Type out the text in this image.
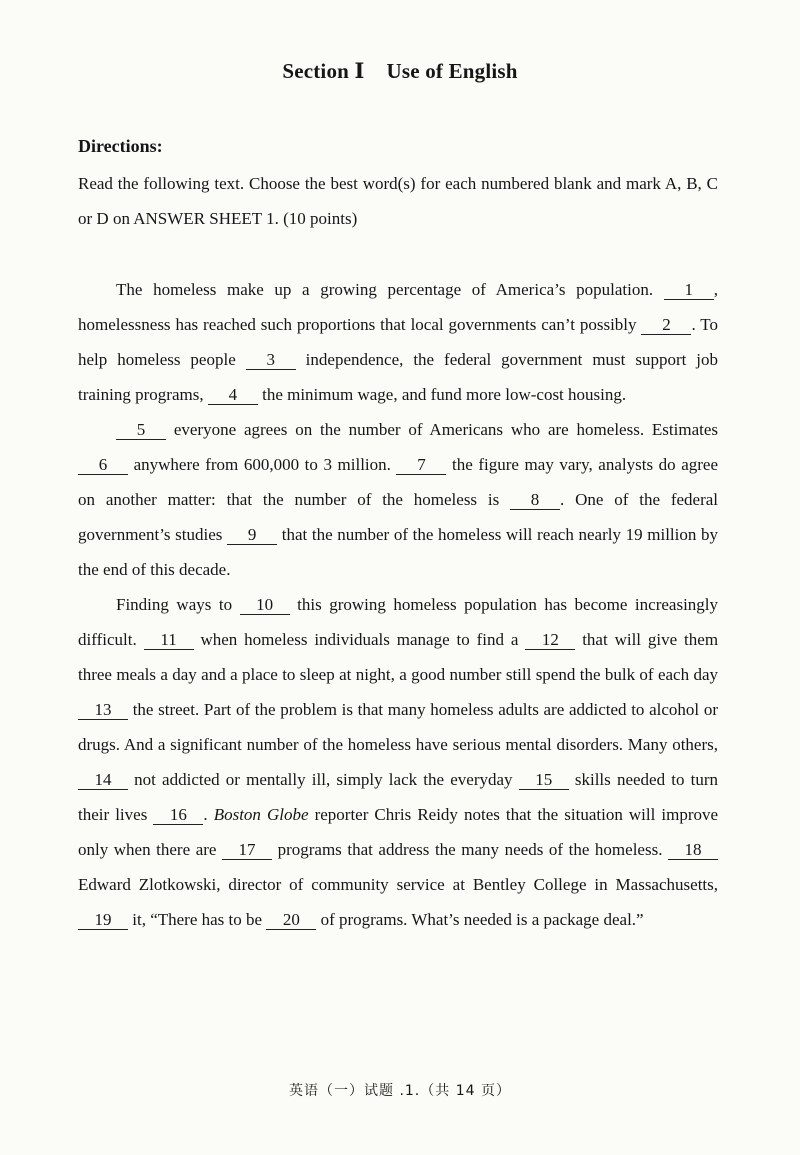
Section Ⅰ Use of English
Directions:
Read the following text. Choose the best word(s) for each numbered blank and mark A, B, C or D on ANSWER SHEET 1. (10 points)

The homeless make up a growing percentage of America’s population. 1 , homelessness has reached such proportions that local governments can’t possibly 2 . To help homeless people 3 independence, the federal government must support job training programs, 4 the minimum wage, and fund more low-cost housing.

5 everyone agrees on the number of Americans who are homeless. Estimates 6 anywhere from 600,000 to 3 million. 7 the figure may vary, analysts do agree on another matter: that the number of the homeless is 8 . One of the federal government’s studies 9 that the number of the homeless will reach nearly 19 million by the end of this decade.

Finding ways to 10 this growing homeless population has become increasingly difficult. 11 when homeless individuals manage to find a 12 that will give them three meals a day and a place to sleep at night, a good number still spend the bulk of each day 13 the street. Part of the problem is that many homeless adults are addicted to alcohol or drugs. And a significant number of the homeless have serious mental disorders. Many others, 14 not addicted or mentally ill, simply lack the everyday 15 skills needed to turn their lives 16 . Boston Globe reporter Chris Reidy notes that the situation will improve only when there are 17 programs that address the many needs of the homeless. 18 Edward Zlotkowski, director of community service at Bentley College in Massachusetts, 19 it, “There has to be 20 of programs. What’s needed is a package deal.”

英语（一）试题 .1.（共 14 页）
